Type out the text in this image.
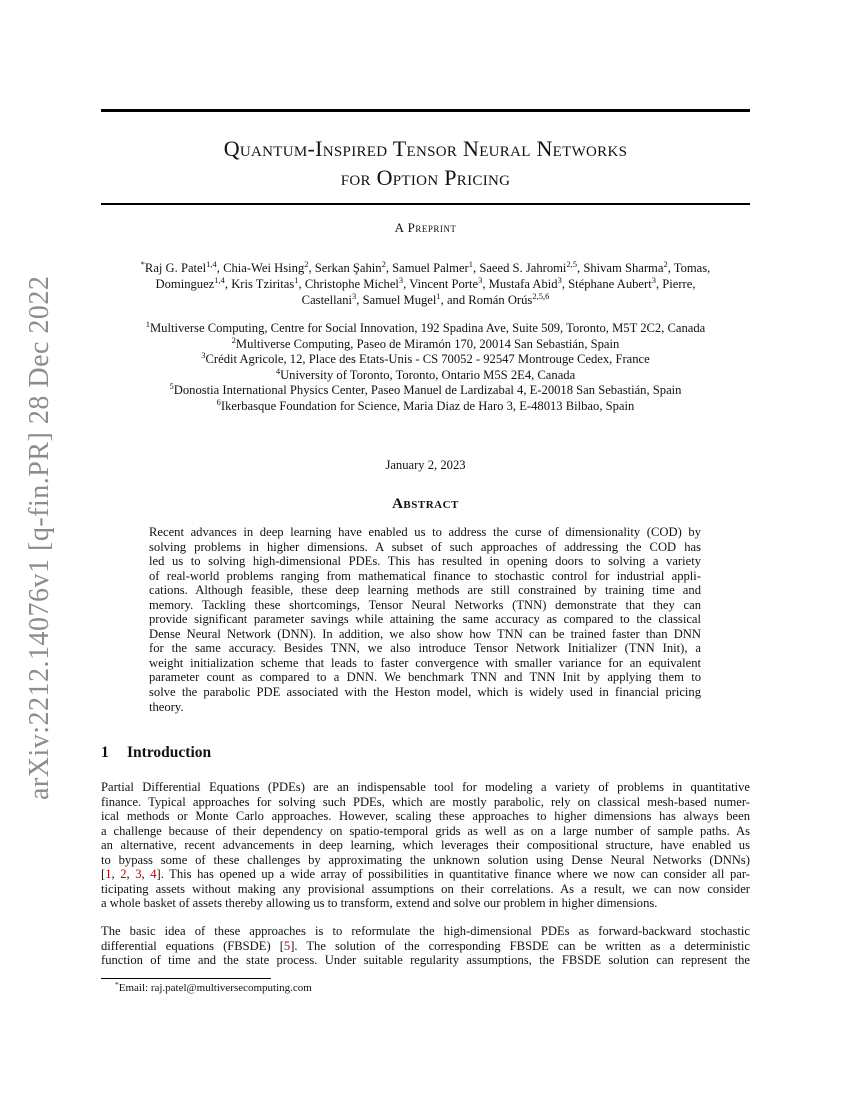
arXiv:2212.14076v1 [q-fin.PR] 28 Dec 2022
Quantum-Inspired Tensor Neural Networks
for Option Pricing
A Preprint
*Raj G. Patel$^{1,4}$, Chia-Wei Hsing$^2$, Serkan Şahin$^2$, Samuel Palmer$^1$, Saeed S. Jahromi$^{2,5}$, Shivam Sharma$^2$, Tomas,
Dominguez$^{1,4}$, Kris Tziritas$^1$, Christophe Michel$^3$, Vincent Porte$^3$, Mustafa Abid$^3$, Stéphane Aubert$^3$, Pierre,
Castellani$^3$, Samuel Mugel$^1$, and Román Orús$^{2,5,6}$
$^1$Multiverse Computing, Centre for Social Innovation, 192 Spadina Ave, Suite 509, Toronto, M5T 2C2, Canada
$^2$Multiverse Computing, Paseo de Miramón 170, 20014 San Sebastián, Spain
$^3$Crédit Agricole, 12, Place des Etats-Unis - CS 70052 - 92547 Montrouge Cedex, France
$^4$University of Toronto, Toronto, Ontario M5S 2E4, Canada
$^5$Donostia International Physics Center, Paseo Manuel de Lardizabal 4, E-20018 San Sebastián, Spain
$^6$Ikerbasque Foundation for Science, Maria Diaz de Haro 3, E-48013 Bilbao, Spain
January 2, 2023
Abstract
Recent advances in deep learning have enabled us to address the curse of dimensionality (COD) by
solving problems in higher dimensions. A subset of such approaches of addressing the COD has
led us to solving high-dimensional PDEs. This has resulted in opening doors to solving a variety
of real-world problems ranging from mathematical finance to stochastic control for industrial appli-
cations. Although feasible, these deep learning methods are still constrained by training time and
memory. Tackling these shortcomings, Tensor Neural Networks (TNN) demonstrate that they can
provide significant parameter savings while attaining the same accuracy as compared to the classical
Dense Neural Network (DNN). In addition, we also show how TNN can be trained faster than DNN
for the same accuracy. Besides TNN, we also introduce Tensor Network Initializer (TNN Init), a
weight initialization scheme that leads to faster convergence with smaller variance for an equivalent
parameter count as compared to a DNN. We benchmark TNN and TNN Init by applying them to
solve the parabolic PDE associated with the Heston model, which is widely used in financial pricing
theory.
1 Introduction
Partial Differential Equations (PDEs) are an indispensable tool for modeling a variety of problems in quantitative
finance. Typical approaches for solving such PDEs, which are mostly parabolic, rely on classical mesh-based numer-
ical methods or Monte Carlo approaches. However, scaling these approaches to higher dimensions has always been
a challenge because of their dependency on spatio-temporal grids as well as on a large number of sample paths. As
an alternative, recent advancements in deep learning, which leverages their compositional structure, have enabled us
to bypass some of these challenges by approximating the unknown solution using Dense Neural Networks (DNNs)
[1, 2, 3, 4]. This has opened up a wide array of possibilities in quantitative finance where we now can consider all par-
ticipating assets without making any provisional assumptions on their correlations. As a result, we can now consider
a whole basket of assets thereby allowing us to transform, extend and solve our problem in higher dimensions.
The basic idea of these approaches is to reformulate the high-dimensional PDEs as forward-backward stochastic
differential equations (FBSDE) [5]. The solution of the corresponding FBSDE can be written as a deterministic
function of time and the state process. Under suitable regularity assumptions, the FBSDE solution can represent the
*Email: raj.patel@multiversecomputing.com
